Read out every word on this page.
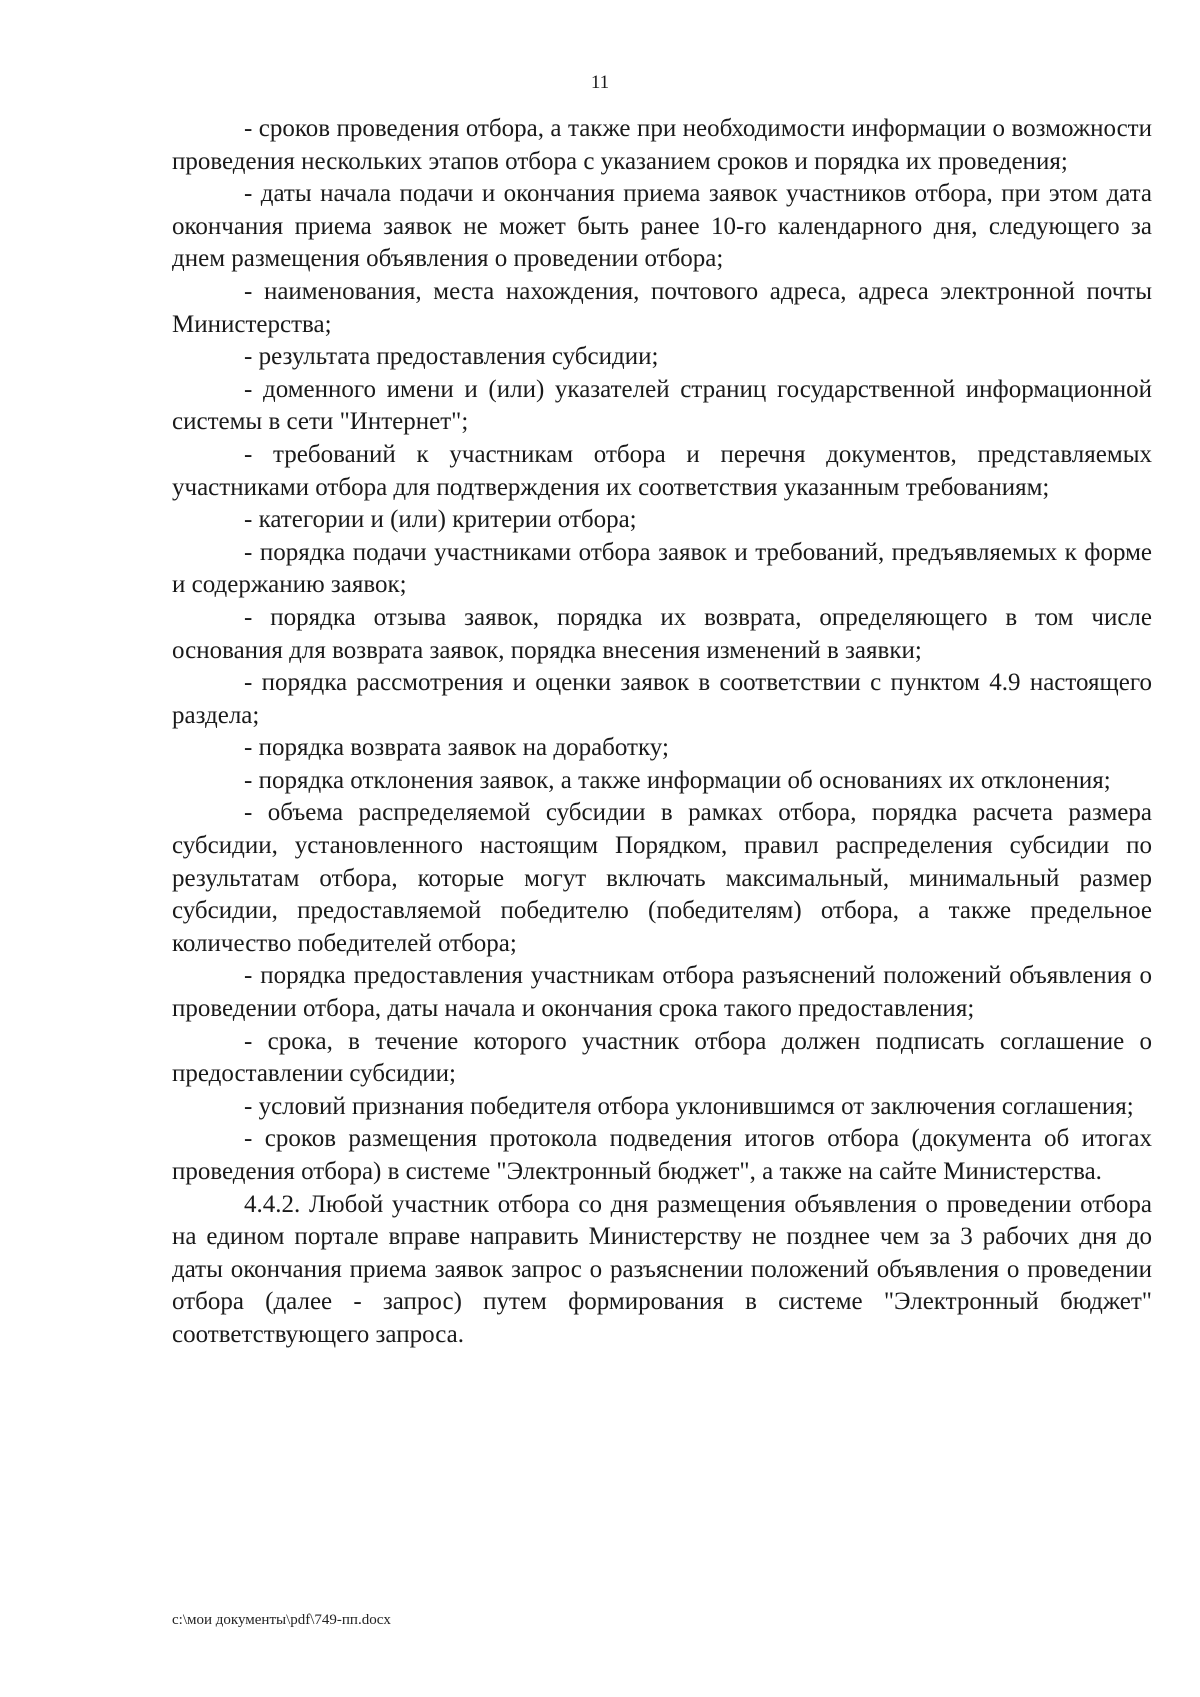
11

- сроков проведения отбора, а также при необходимости информации о возможности проведения нескольких этапов отбора с указанием сроков и порядка их проведения;

- даты начала подачи и окончания приема заявок участников отбора, при этом дата окончания приема заявок не может быть ранее 10-го календарного дня, следующего за днем размещения объявления о проведении отбора;

- наименования, места нахождения, почтового адреса, адреса электронной почты Министерства;

- результата предоставления субсидии;

- доменного имени и (или) указателей страниц государственной информационной системы в сети "Интернет";

- требований к участникам отбора и перечня документов, представляемых участниками отбора для подтверждения их соответствия указанным требованиям;

- категории и (или) критерии отбора;

- порядка подачи участниками отбора заявок и требований, предъявляемых к форме и содержанию заявок;

- порядка отзыва заявок, порядка их возврата, определяющего в том числе основания для возврата заявок, порядка внесения изменений в заявки;

- порядка рассмотрения и оценки заявок в соответствии с пунктом 4.9 настоящего раздела;

- порядка возврата заявок на доработку;

- порядка отклонения заявок, а также информации об основаниях их отклонения;

- объема распределяемой субсидии в рамках отбора, порядка расчета размера субсидии, установленного настоящим Порядком, правил распределения субсидии по результатам отбора, которые могут включать максимальный, минимальный размер субсидии, предоставляемой победителю (победителям) отбора, а также предельное количество победителей отбора;

- порядка предоставления участникам отбора разъяснений положений объявления о проведении отбора, даты начала и окончания срока такого предоставления;

- срока, в течение которого участник отбора должен подписать соглашение о предоставлении субсидии;

- условий признания победителя отбора уклонившимся от заключения соглашения;

- сроков размещения протокола подведения итогов отбора (документа об итогах проведения отбора) в системе "Электронный бюджет", а также на сайте Министерства.

4.4.2. Любой участник отбора со дня размещения объявления о проведении отбора на едином портале вправе направить Министерству не позднее чем за 3 рабочих дня до даты окончания приема заявок запрос о разъяснении положений объявления о проведении отбора (далее - запрос) путем формирования в системе "Электронный бюджет" соответствующего запроса.

c:\мои документы\pdf\749-пп.docx
